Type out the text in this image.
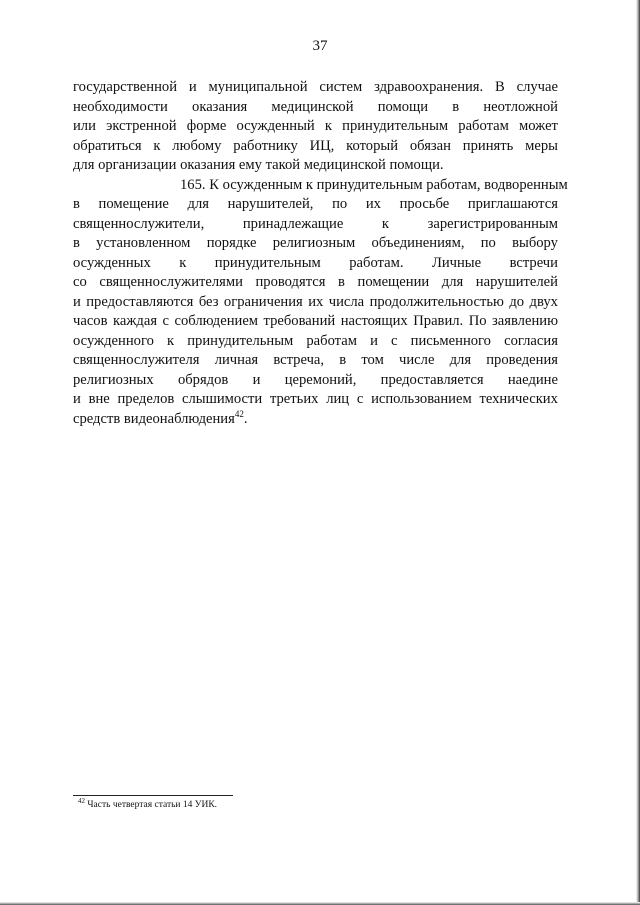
37
государственной и муниципальной систем здравоохранения. В случае
необходимости оказания медицинской помощи в неотложной
или экстренной форме осужденный к принудительным работам может
обратиться к любому работнику ИЦ, который обязан принять меры
для организации оказания ему такой медицинской помощи.
165. К осужденным к принудительным работам, водворенным
в помещение для нарушителей, по их просьбе приглашаются
священнослужители,	принадлежащие	к	зарегистрированным
в установленном порядке религиозным объединениям, по выбору
осужденных к принудительным работам. Личные встречи
со священнослужителями проводятся в помещении для нарушителей
и предоставляются без ограничения их числа продолжительностью до двух
часов каждая с соблюдением требований настоящих Правил. По заявлению
осужденного к принудительным работам и с письменного согласия
священнослужителя личная встреча, в том числе для проведения
религиозных обрядов и церемоний, предоставляется наедине
и вне пределов слышимости третьих лиц с использованием технических
средств видеонаблюдения$^{42}$.
$^{42}$ Часть четвертая статьи 14 УИК.
